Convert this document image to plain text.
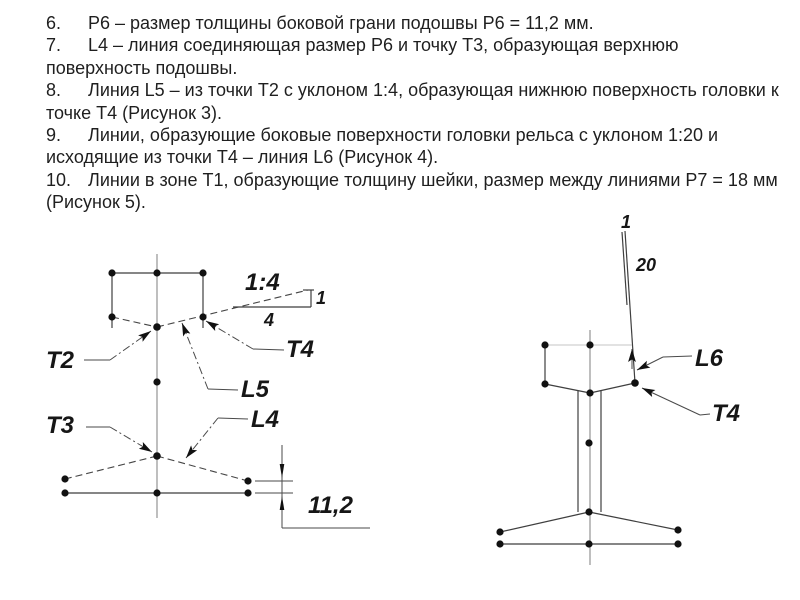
6. Р6 – размер толщины боковой грани подошвы Р6 = 11,2 мм.
7. L4 – линия соединяющая размер Р6 и точку Т3, образующая верхнюю
поверхность подошвы.
8. Линия L5 – из точки Т2 с уклоном 1:4, образующая нижнюю поверхность головки к
точке Т4 (Рисунок 3).
9. Линии, образующие боковые поверхности головки рельса с уклоном 1:20 и
исходящие из точки Т4 – линия L6 (Рисунок 4).
10. Линии в зоне Т1, образующие толщину шейки, размер между линиями Р7 = 18 мм
(Рисунок 5).
1:4
1
4
11,2
T2
T3
T4
L5
L4
1
20
L6
T4
